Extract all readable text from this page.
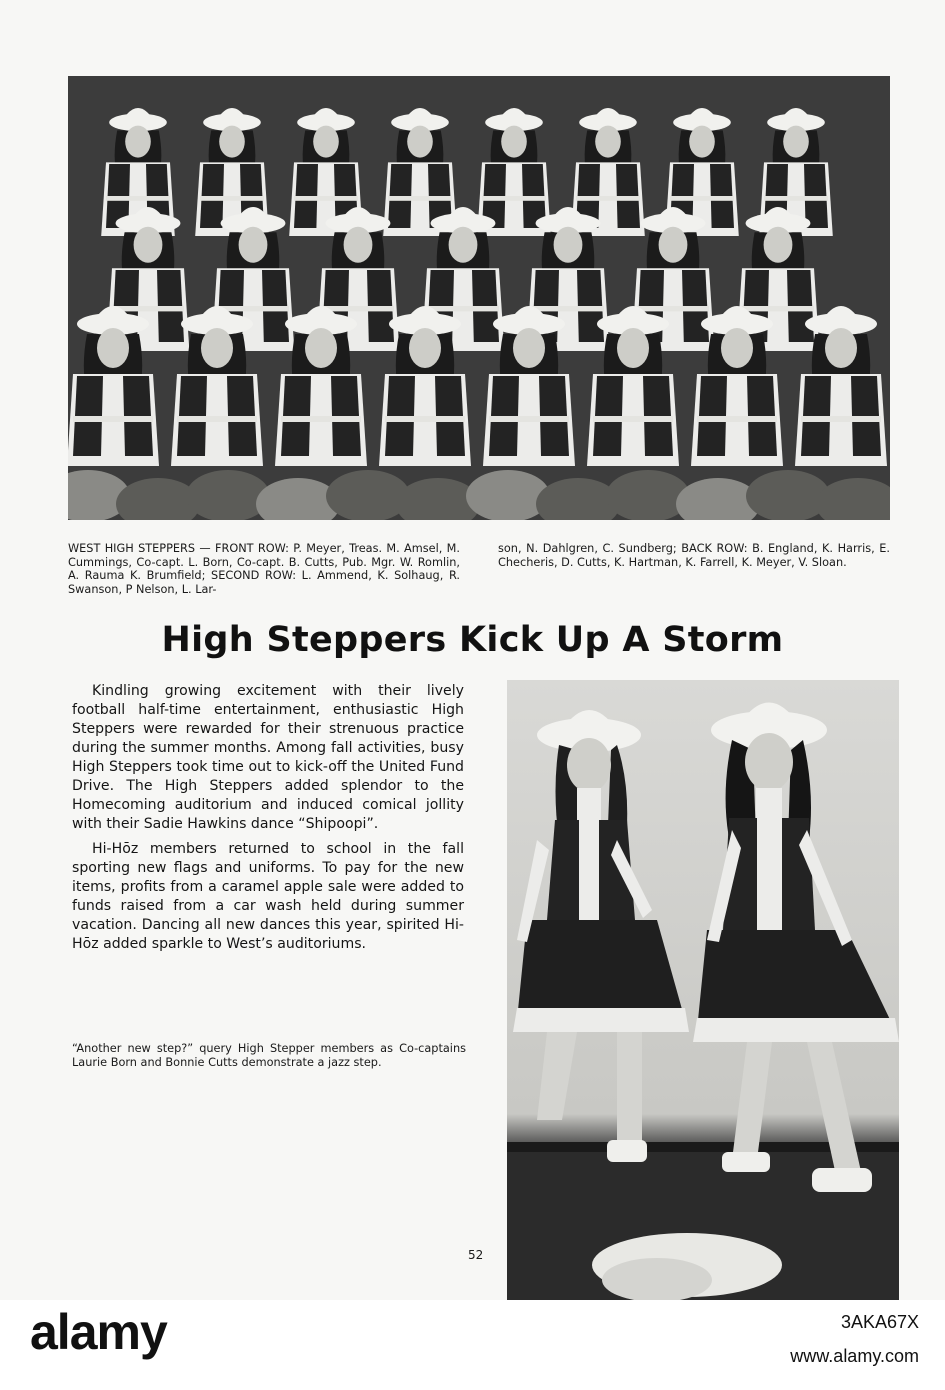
WEST HIGH STEPPERS — FRONT ROW: P. Meyer, Treas. M. Amsel, M. Cummings, Co-capt. L. Born, Co-capt. B. Cutts, Pub. Mgr. W. Romlin, A. Rauma K. Brumfield; SECOND ROW: L. Ammend, K. Solhaug, R. Swanson, P Nelson, L. Lar-

son, N. Dahlgren, C. Sundberg; BACK ROW: B. England, K. Harris, E. Checheris, D. Cutts, K. Hartman, K. Farrell, K. Meyer, V. Sloan.

High Steppers Kick Up A Storm

Kindling growing excitement with their lively football half-time entertainment, enthusiastic High Steppers were rewarded for their strenuous practice during the summer months. Among fall activities, busy High Steppers took time out to kick-off the United Fund Drive. The High Steppers added splendor to the Homecoming auditorium and induced comical jollity with their Sadie Hawkins dance “Shipoopi”.

Hi-Hōz members returned to school in the fall sporting new flags and uniforms. To pay for the new items, profits from a caramel apple sale were added to funds raised from a car wash held during summer vacation. Dancing all new dances this year, spirited Hi-Hōz added sparkle to West’s auditoriums.

“Another new step?” query High Stepper members as Co-captains Laurie Born and Bonnie Cutts demonstrate a jazz step.

52
alamy	3AKA67X
www.alamy.com
